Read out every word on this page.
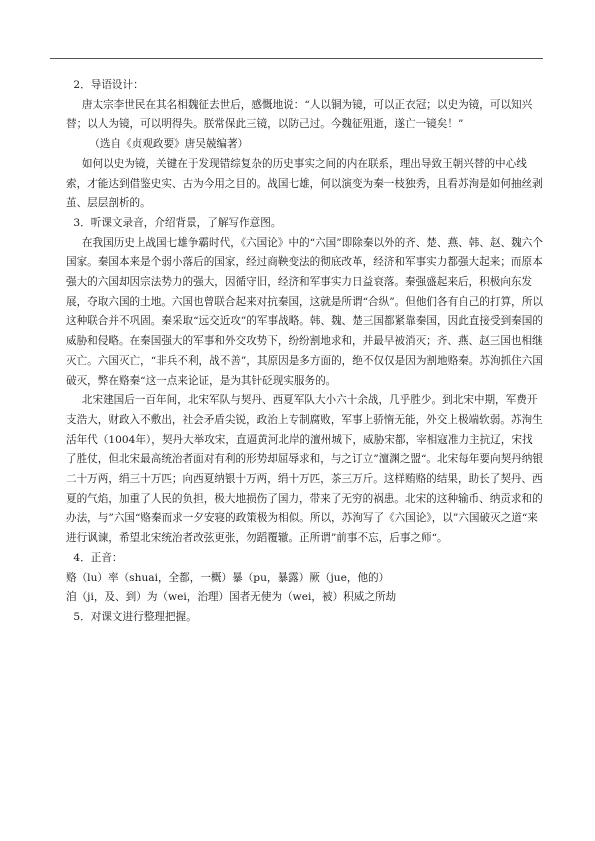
2．导语设计：

唐太宗李世民在其名相魏征去世后，感慨地说：“人以铜为镜，可以正衣冠；以史为镜，可以知兴替；以人为镜，可以明得失。朕常保此三镜，以防己过。今魏征殂逝，遂亡一镜矣！”

（选自《贞观政要》唐吴兢编著）

如何以史为镜，关键在于发现错综复杂的历史事实之间的内在联系，理出导致王朝兴替的中心线索，才能达到借鉴史实、古为今用之目的。战国七雄，何以演变为秦一枝独秀，且看苏洵是如何抽丝剥茧、层层剖析的。

3．听课文录音，介绍背景，了解写作意图。

在我国历史上战国七雄争霸时代，《六国论》中的“六国”即除秦以外的齐、楚、燕、韩、赵、魏六个国家。秦国本来是个弱小落后的国家，经过商鞅变法的彻底改革，经济和军事实力都强大起来；而原本强大的六国却因宗法势力的强大，因循守旧，经济和军事实力日益衰落。秦强盛起来后，积极向东发展，夺取六国的土地。六国也曾联合起来对抗秦国，这就是所谓“合纵”。但他们各有自己的打算，所以这种联合并不巩固。秦采取“远交近攻”的军事战略。韩、魏、楚三国都紧靠秦国，因此直接受到秦国的威胁和侵略。在秦国强大的军事和外交攻势下，纷纷割地求和，并最早被消灭；齐、燕、赵三国也相继灭亡。六国灭亡，“非兵不利，战不善”，其原因是多方面的，绝不仅仅是因为割地赂秦。苏洵抓住六国破灭，弊在赂秦“这一点来论证，是为其针砭现实服务的。

北宋建国后一百年间，北宋军队与契丹、西夏军队大小六十余战，几乎胜少。到北宋中期，军费开支浩大，财政入不敷出，社会矛盾尖锐，政治上专制腐败，军事上骄惰无能，外交上极端软弱。苏洵生活年代（1004年），契丹大举攻宋，直逼黄河北岸的澶州城下，威胁宋都，宰相寇准力主抗辽，宋找了胜仗，但北宋最高统治者面对有利的形势却屈辱求和，与之订立”澶渊之盟“。北宋每年要向契丹纳银二十万两，绢三十万匹；向西夏纳银十万两，绢十万匹，茶三万斤。这样贿赂的结果，助长了契丹、西夏的气焰，加重了人民的负担，极大地损伤了国力，带来了无穷的祸患。北宋的这种输币、纳贡求和的办法，与”六国“赂秦而求一夕安寝的政策极为相似。所以，苏洵写了《六国论》，以”六国破灭之道“来进行讽谏，希望北宋统治者改弦更张，勿蹈覆辙。正所谓”前事不忘，后事之师“。

4．正音：

赂（lu）率（shuai，全都，一概）暴（pu，暴露）厥（jue，他的）

洎（ji，及、到）为（wei，治理）国者无使为（wei，被）积威之所劫

5．对课文进行整理把握。
